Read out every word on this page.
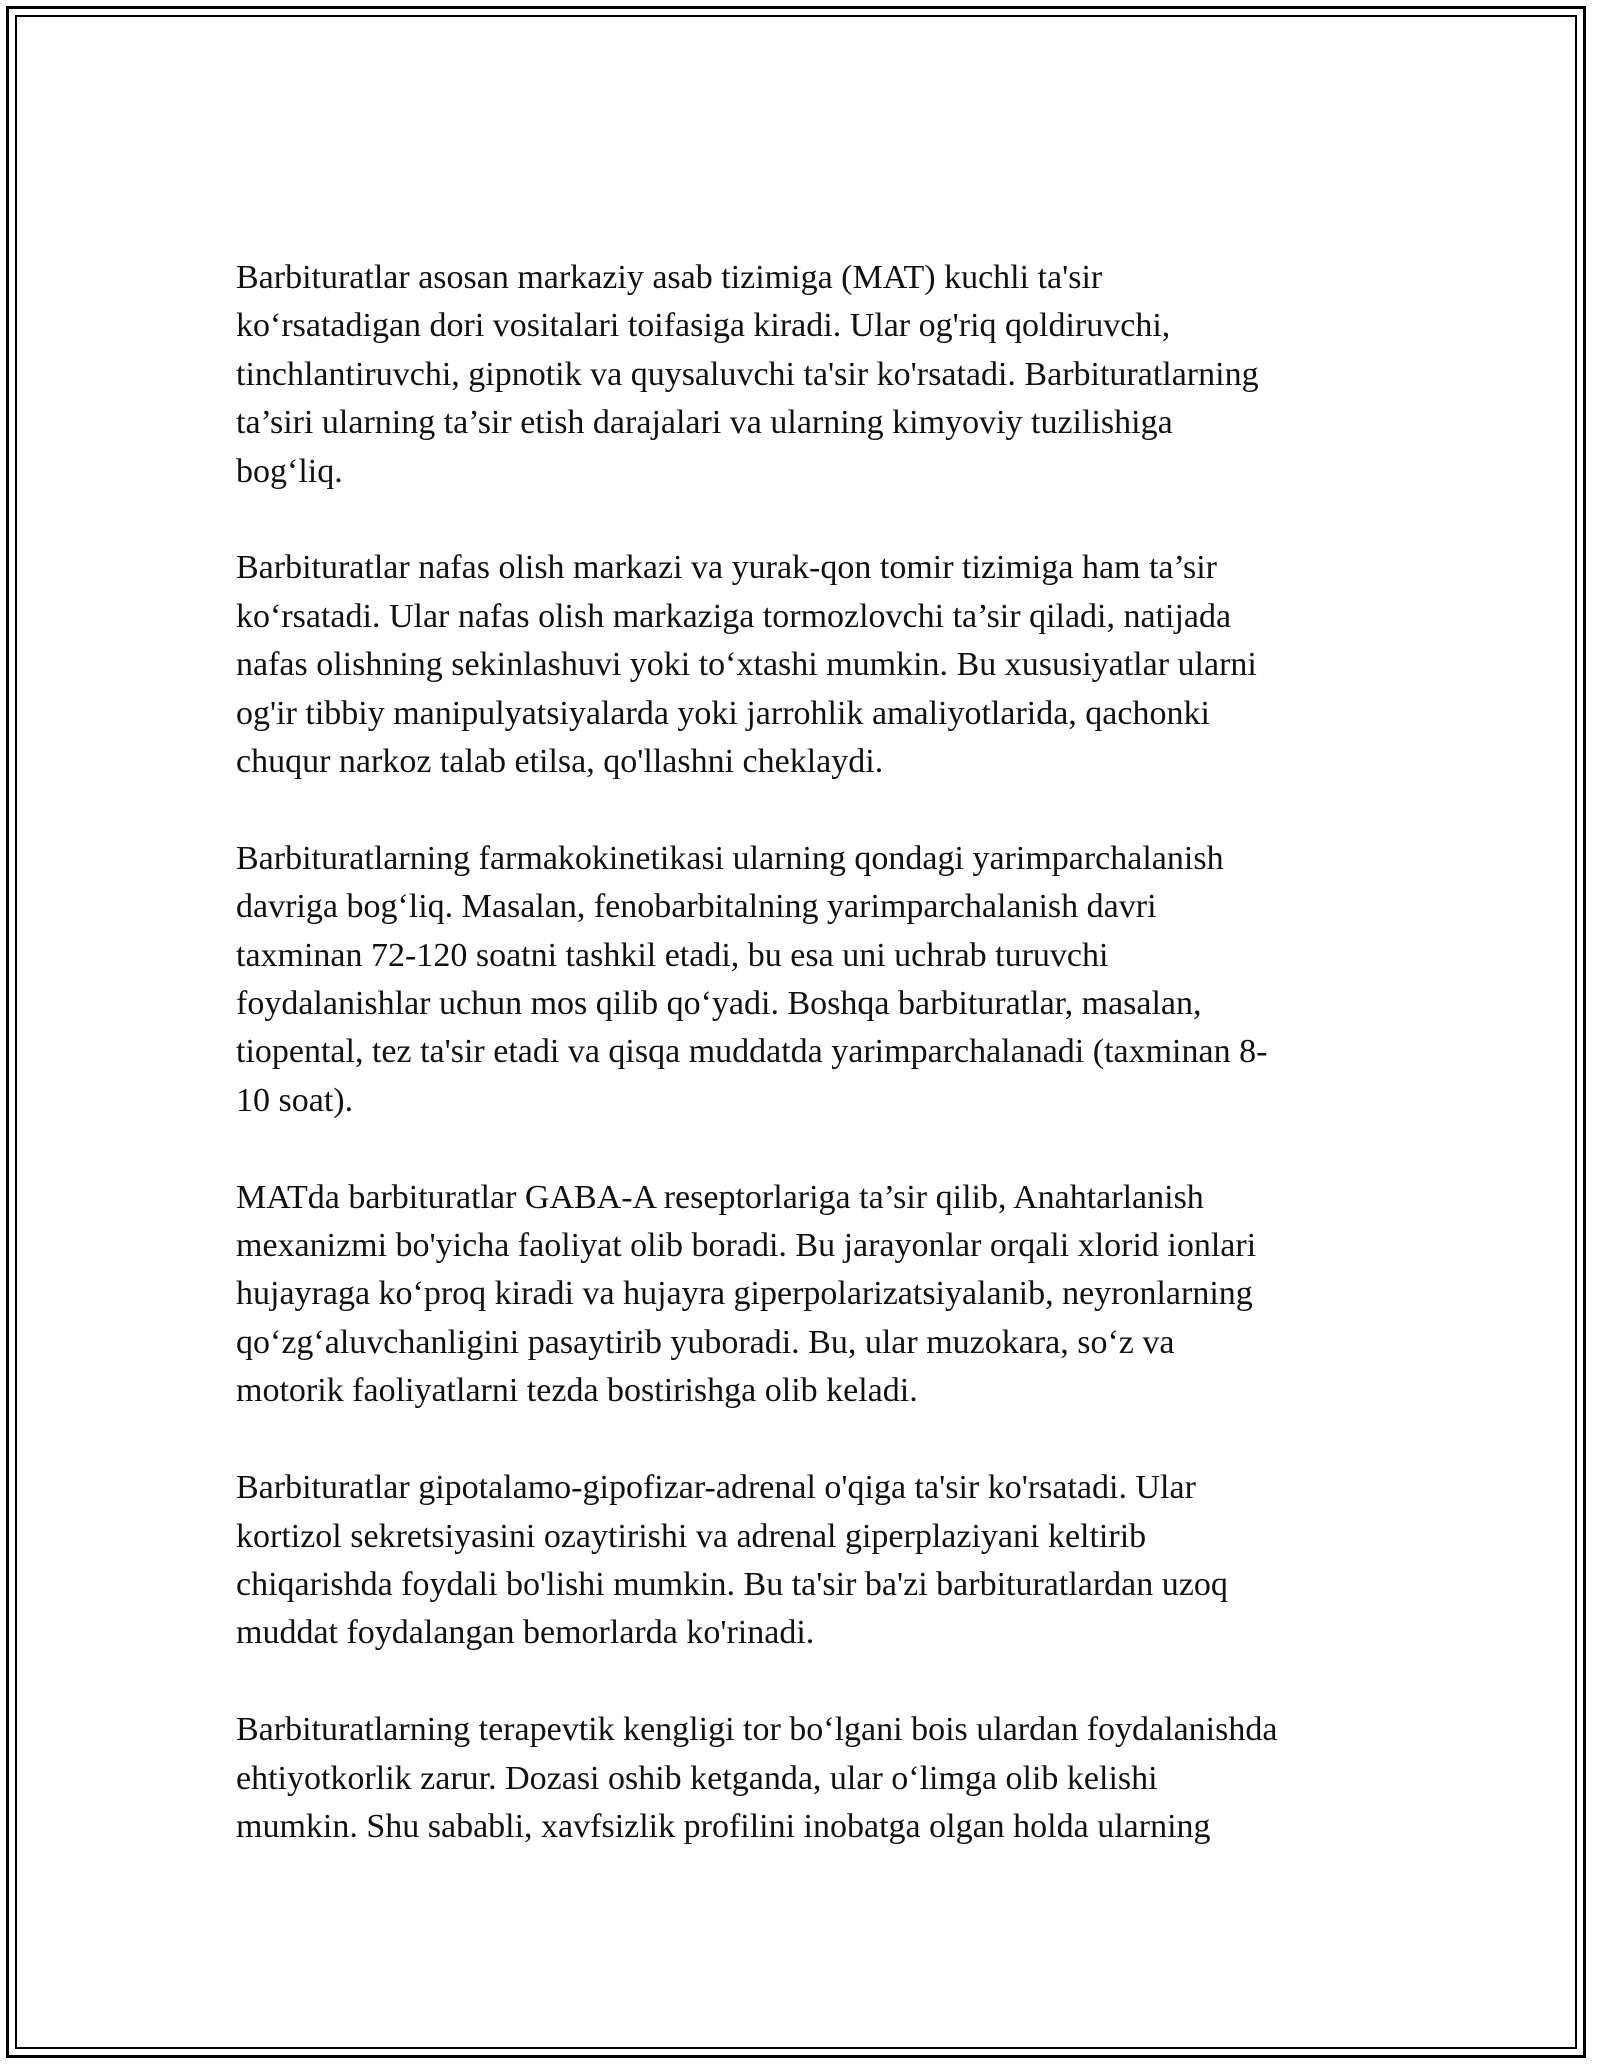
Barbituratlar asosan markaziy asab tizimiga (MAT) kuchli ta'sir
ko‘rsatadigan dori vositalari toifasiga kiradi. Ular og'riq qoldiruvchi,
tinchlantiruvchi, gipnotik va quysaluvchi ta'sir ko'rsatadi. Barbituratlarning
ta’siri ularning ta’sir etish darajalari va ularning kimyoviy tuzilishiga
bog‘liq.

Barbituratlar nafas olish markazi va yurak-qon tomir tizimiga ham ta’sir
ko‘rsatadi. Ular nafas olish markaziga tormozlovchi ta’sir qiladi, natijada
nafas olishning sekinlashuvi yoki to‘xtashi mumkin. Bu xususiyatlar ularni
og'ir tibbiy manipulyatsiyalarda yoki jarrohlik amaliyotlarida, qachonki
chuqur narkoz talab etilsa, qo'llashni cheklaydi.

Barbituratlarning farmakokinetikasi ularning qondagi yarimparchalanish
davriga bog‘liq. Masalan, fenobarbitalning yarimparchalanish davri
taxminan 72-120 soatni tashkil etadi, bu esa uni uchrab turuvchi
foydalanishlar uchun mos qilib qo‘yadi. Boshqa barbituratlar, masalan,
tiopental, tez ta'sir etadi va qisqa muddatda yarimparchalanadi (taxminan 8-
10 soat).

MATda barbituratlar GABA-A reseptorlariga ta’sir qilib, Anahtarlanish
mexanizmi bo'yicha faoliyat olib boradi. Bu jarayonlar orqali xlorid ionlari
hujayraga ko‘proq kiradi va hujayra giperpolarizatsiyalanib, neyronlarning
qo‘zg‘aluvchanligini pasaytirib yuboradi. Bu, ular muzokara, so‘z va
motorik faoliyatlarni tezda bostirishga olib keladi.

Barbituratlar gipotalamo-gipofizar-adrenal o'qiga ta'sir ko'rsatadi. Ular
kortizol sekretsiyasini ozaytirishi va adrenal giperplaziyani keltirib
chiqarishda foydali bo'lishi mumkin. Bu ta'sir ba'zi barbituratlardan uzoq
muddat foydalangan bemorlarda ko'rinadi.

Barbituratlarning terapevtik kengligi tor bo‘lgani bois ulardan foydalanishda
ehtiyotkorlik zarur. Dozasi oshib ketganda, ular o‘limga olib kelishi
mumkin. Shu sababli, xavfsizlik profilini inobatga olgan holda ularning
